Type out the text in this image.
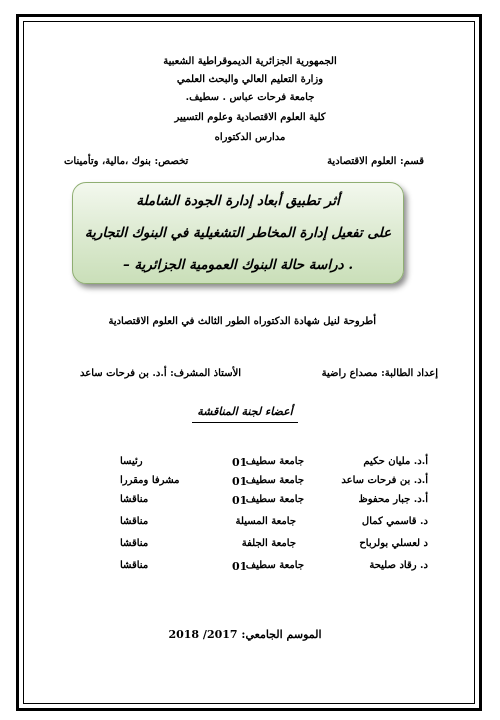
الجمهورية الجزائرية الديموقراطية الشعبية
وزارة التعليم العالي والبحث العلمي
جامعة فرحات عباس . سطيف.
كلية العلوم الاقتصادية وعلوم التسيير
مدارس الدكتوراه
قسم: العلوم الاقتصادية
تخصص: بنوك ،مالية، وتأمينات
أثر تطبيق أبعاد إدارة الجودة الشاملة
على تفعيل إدارة المخاطر التشغيلية في البنوك التجارية
. دراسة حالة البنوك العمومية الجزائرية –
أطروحة لنيل شهادة الدكتوراه الطور الثالث في العلوم الاقتصادية
إعداد الطالبة: مصداع راضية
الأستاذ المشرف: أ.د. بن فرحات ساعد
أعضاء لجنة المناقشة
أ.د. مليان حكيم
جامعة سطيف
01
رئيسا
أ.د. بن فرحات ساعد
جامعة سطيف
01
مشرفا ومقررا
أ.د. جبار محفوظ
جامعة سطيف
01
مناقشا
د. قاسمي كمال
جامعة المسيلة
مناقشا
د لعسلي بولرباح
جامعة الجلفة
مناقشا
د. رقاد صليحة
جامعة سطيف
01
مناقشا
الموسم الجامعي: 2017/ 2018
